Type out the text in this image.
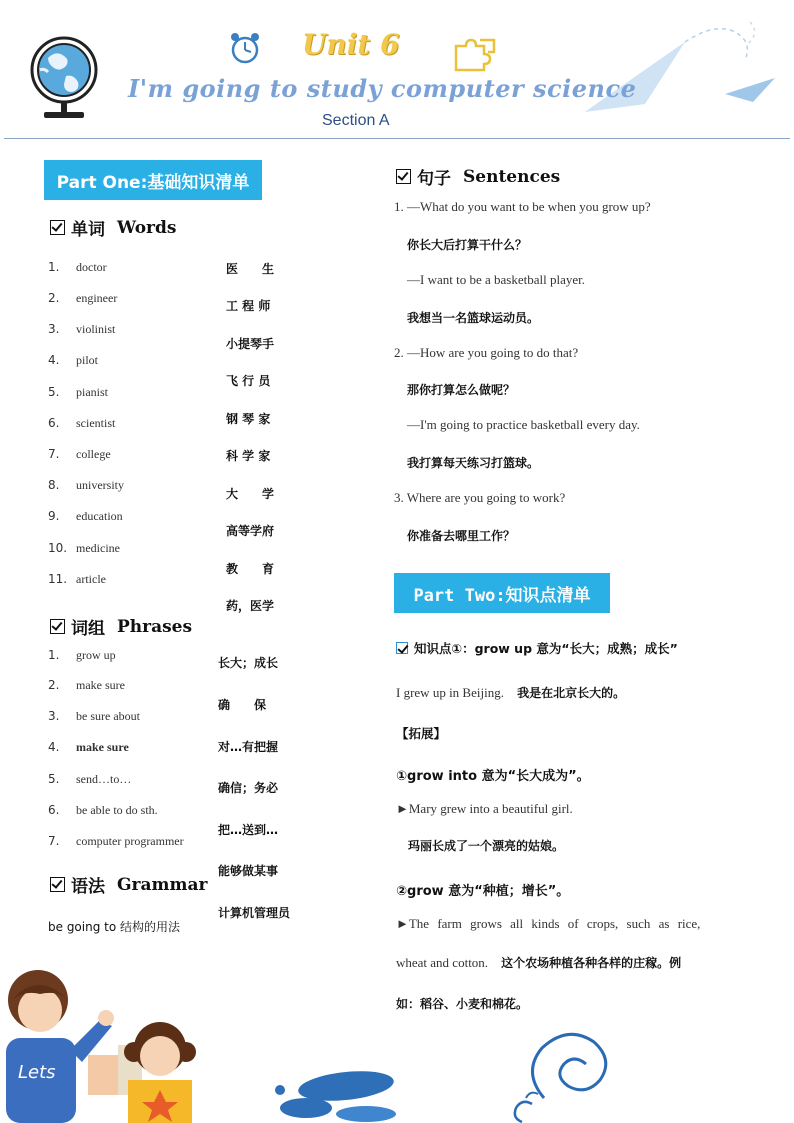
Unit 6
I'm going to study computer science
Section A
Part One:基础知识清单
单词 Words
1. doctor	医　　生
2. engineer
工 程 师
3. violinist
小提琴手
4. pilot
飞 行 员
5. pianist
钢 琴 家
6. scientist
科 学 家
7. college
大　　学
8. university
高等学府
9. education
教　　育
10. medicine
药，医学
11. article
词组 Phrases
1. grow up
长大；成长
2. make sure
确　　保
3. be sure about
对…有把握
4. make sure
确信；务必
5. send…to…
把…送到…
6. be able to do sth.
能够做某事
7. computer programmer
计算机管理员
语法 Grammar
be going to 结构的用法
句子 Sentences
1. —What do you want to be when you grow up?
你长大后打算干什么？
—I want to be a basketball player.
我想当一名篮球运动员。
2. —How are you going to do that?
那你打算怎么做呢？
—I'm going to practice basketball every day.
我打算每天练习打篮球。
3. Where are you going to work?
你准备去哪里工作？
Part Two:知识点清单
知识点①：grow up 意为“长大；成熟；成长”
I grew up in Beijing. 我是在北京长大的。
【拓展】
①grow into 意为“长大成为”。
►Mary grew into a beautiful girl.
玛丽长成了一个漂亮的姑娘。
②grow 意为“种植；增长”。
►The farm grows all kinds of crops, such as rice,
wheat and cotton. 这个农场种植各种各样的庄稼。例
如：稻谷、小麦和棉花。
Lets
